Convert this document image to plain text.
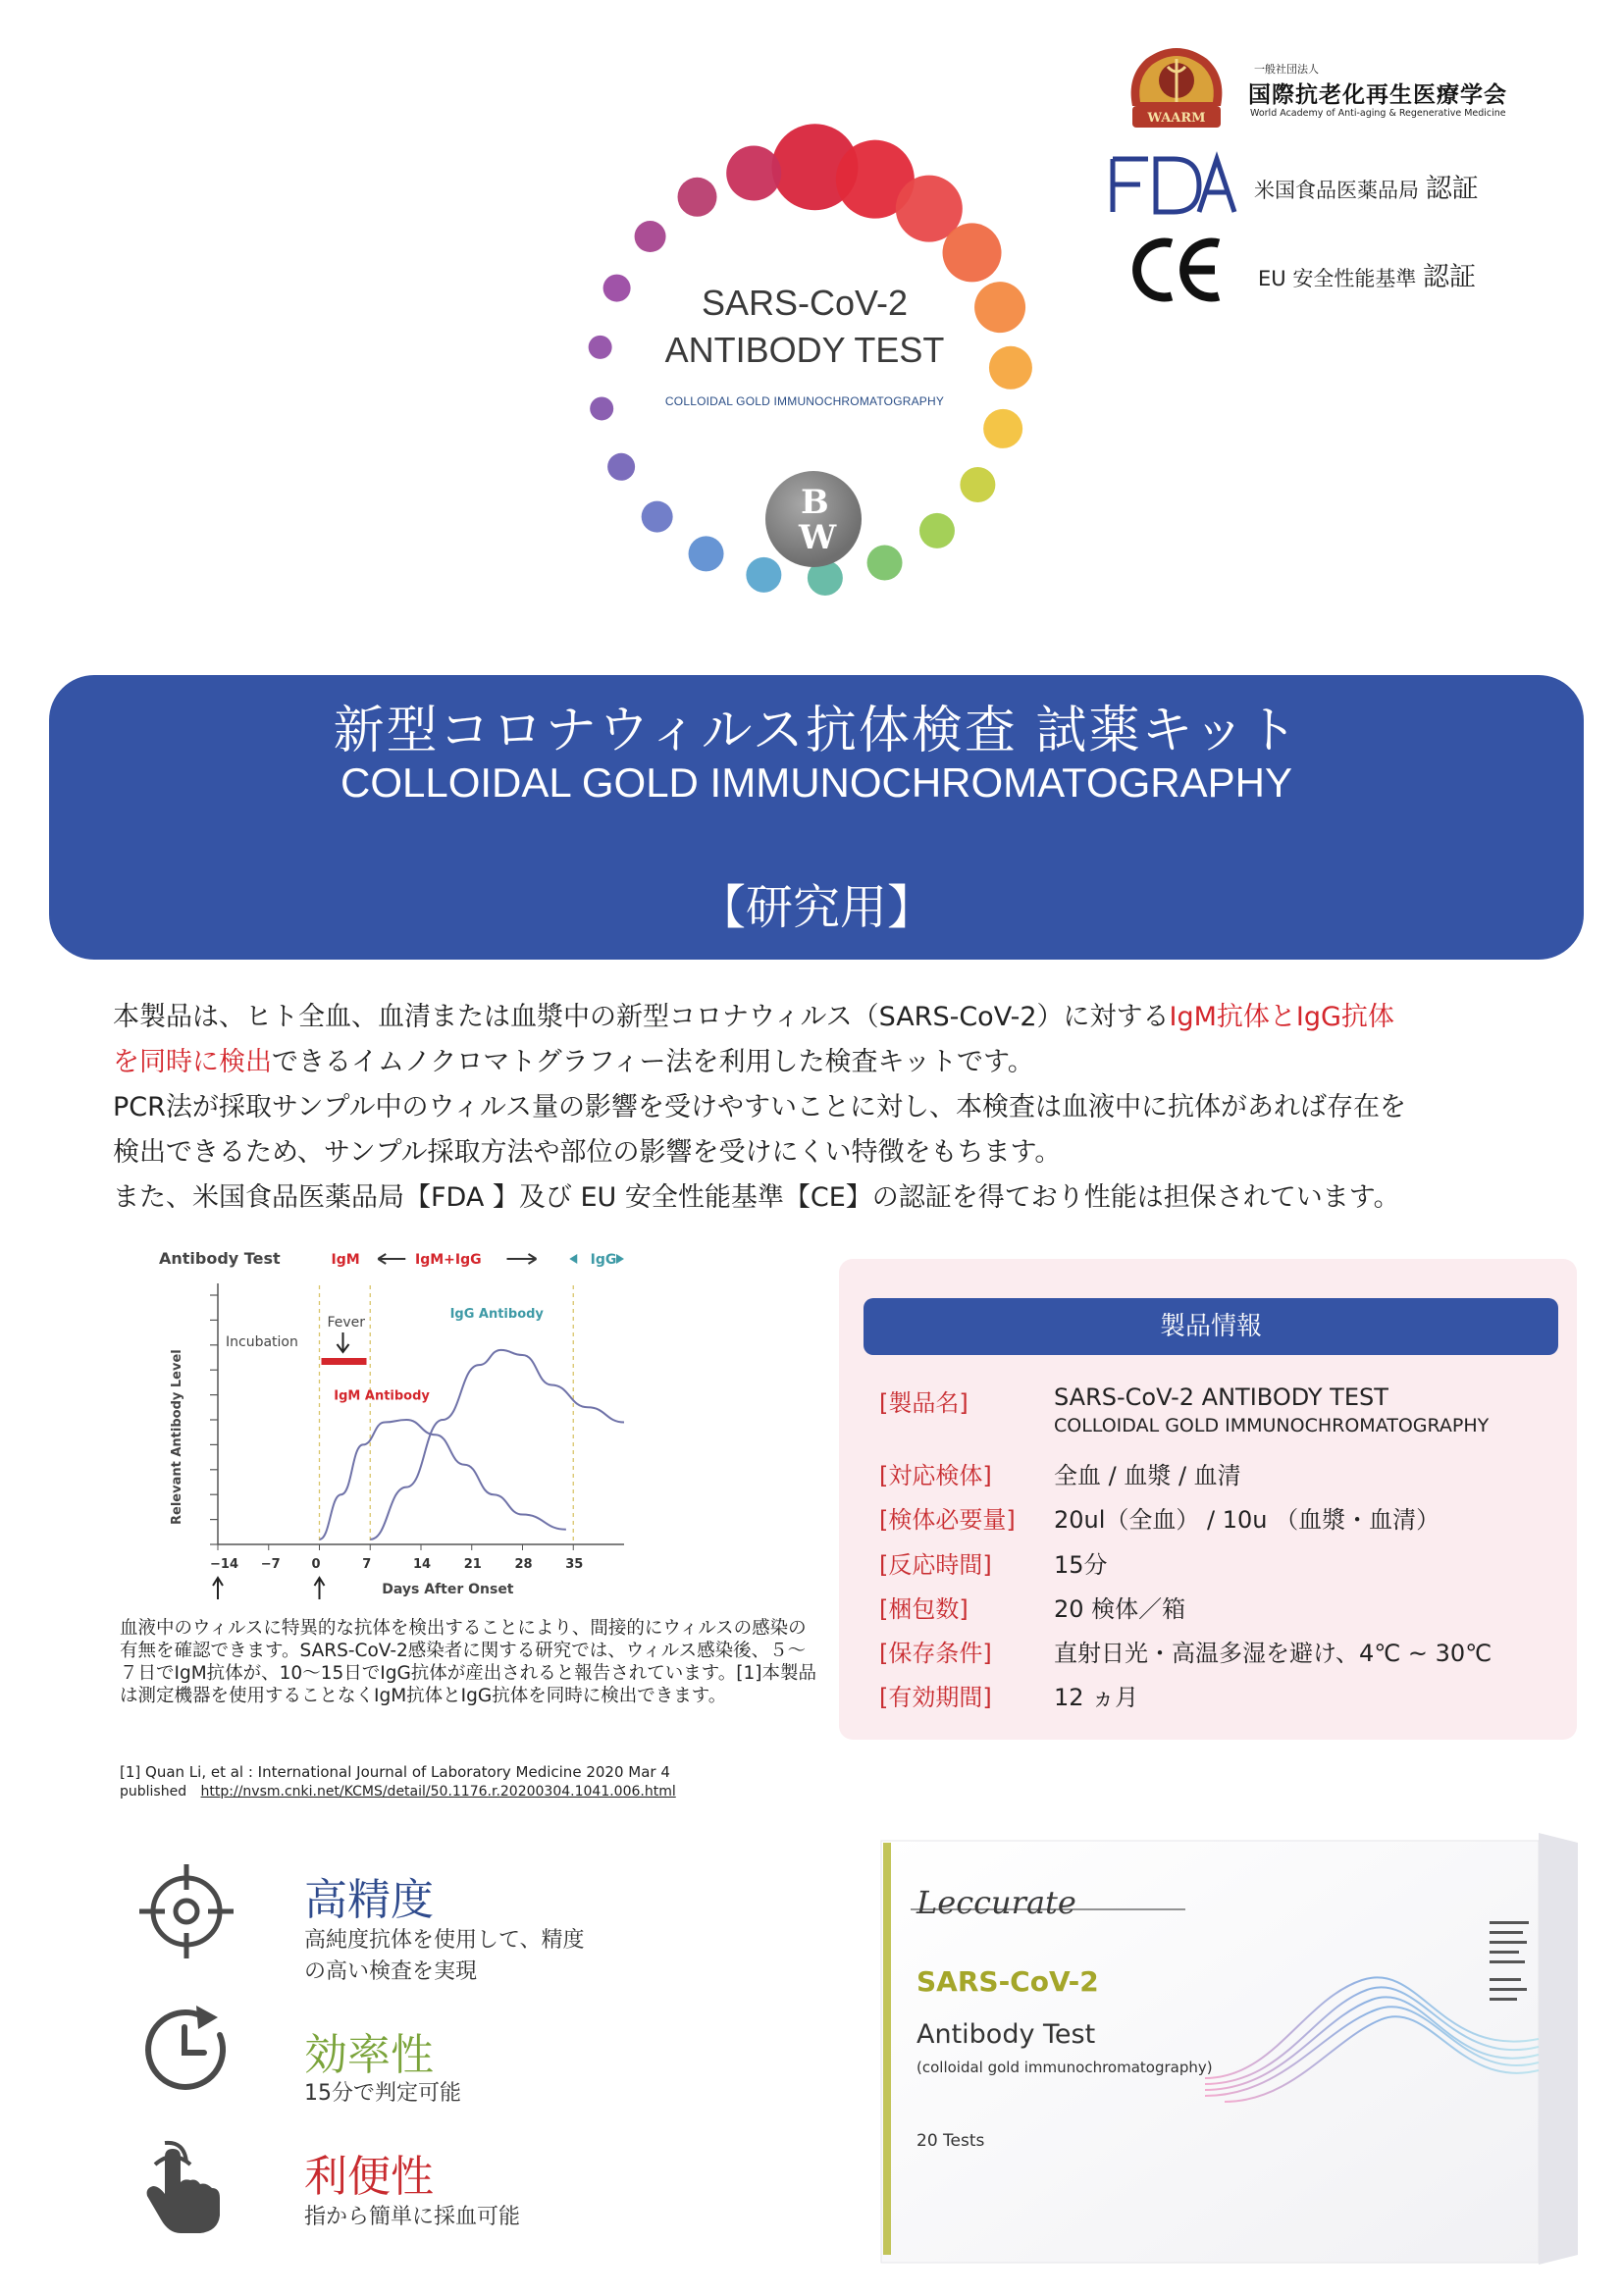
SARS-CoV-2
ANTIBODY TEST
COLLOIDAL GOLD IMMUNOCHROMATOGRAPHY
B
W
WAARM
一般社団法人
国際抗老化再生医療学会
World Academy of Anti-aging & Regenerative Medicine
米国食品医薬品局 認証
EU 安全性能基準 認証
新型コロナウィルス抗体検査 試薬キット
COLLOIDAL GOLD IMMUNOCHROMATOGRAPHY
【研究用】
本製品は、ヒト全血、血清または血漿中の新型コロナウィルス（SARS-CoV-2）に対するIgM抗体とIgG抗体
を同時に検出できるイムノクロマトグラフィー法を利用した検査キットです。
PCR法が採取サンプル中のウィルス量の影響を受けやすいことに対し、本検査は血液中に抗体があれば存在を
検出できるため、サンプル採取方法や部位の影響を受けにくい特徴をもちます。
また、米国食品医薬品局【FDA 】及び EU 安全性能基準【CE】の認証を得ており性能は担保されています。
Antibody Test	IgM	IgM+IgG	IgG
−14 −7 0	7	14	21	28	35
Days After Onset
Relevant Antibody Level
Incubation
Fever
IgM Antibody
IgG Antibody
血液中のウィルスに特異的な抗体を検出することにより、間接的にウィルスの感染の有無を確認できます。SARS-CoV-2感染者に関する研究では、ウィルス感染後、５～７日でIgM抗体が、10～15日でIgG抗体が産出されると報告されています。[1]本製品は測定機器を使用することなくIgM抗体とIgG抗体を同時に検出できます。
[1] Quan Li, et al : International Journal of Laboratory Medicine 2020 Mar 4
published http://nvsm.cnki.net/KCMS/detail/50.1176.r.20200304.1041.006.html
製品情報
[製品名]	SARS-CoV-2 ANTIBODY TEST
COLLOIDAL GOLD IMMUNOCHROMATOGRAPHY
[対応検体]	全血 / 血漿 / 血清
[検体必要量] 20ul（全血） / 10u （血漿・血清）
[反応時間]	15分
[梱包数]	20 検体／箱
[保存条件]	直射日光・高温多湿を避け、4℃ ~ 30℃
[有効期間]	12 ヵ月
高精度
高純度抗体を使用して、精度
の高い検査を実現
効率性
15分で判定可能
利便性
指から簡単に採血可能
Leccurate
SARS-CoV-2
Antibody Test
(colloidal gold immunochromatography)
20 Tests
